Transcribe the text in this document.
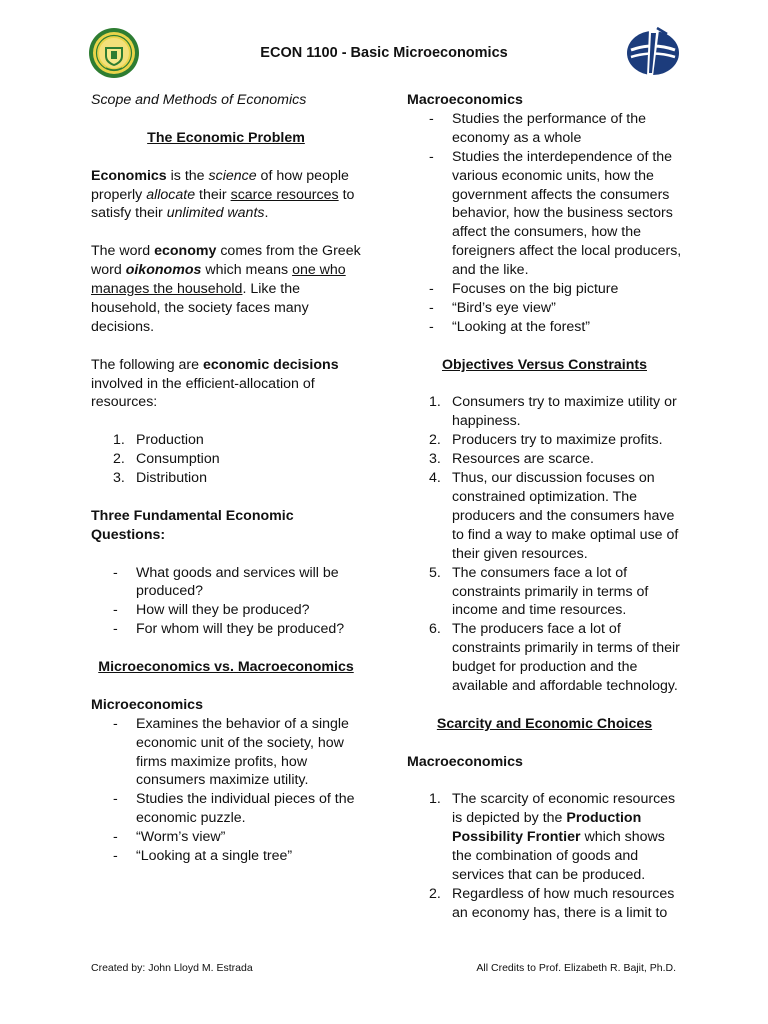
ECON 1100 - Basic Microeconomics

Scope and Methods of Economics

The Economic Problem

Economics is the science of how people properly allocate their scarce resources to satisfy their unlimited wants.

The word economy comes from the Greek word oikonomos which means one who manages the household. Like the household, the society faces many decisions.

The following are economic decisions involved in the efficient-allocation of resources:

1. Production
2. Consumption
3. Distribution

Three Fundamental Economic Questions:

- What goods and services will be produced?
- How will they be produced?
- For whom will they be produced?

Microeconomics vs. Macroeconomics

Microeconomics

- Examines the behavior of a single economic unit of the society, how firms maximize profits, how consumers maximize utility.
- Studies the individual pieces of the economic puzzle.
- “Worm’s view”
- “Looking at a single tree”

Macroeconomics

- Studies the performance of the economy as a whole
- Studies the interdependence of the various economic units, how the government affects the consumers behavior, how the business sectors affect the consumers, how the foreigners affect the local producers, and the like.
- Focuses on the big picture
- “Bird’s eye view”
- “Looking at the forest”

Objectives Versus Constraints

1. Consumers try to maximize utility or happiness.
2. Producers try to maximize profits.
3. Resources are scarce.
4. Thus, our discussion focuses on constrained optimization. The producers and the consumers have to find a way to make optimal use of their given resources.
5. The consumers face a lot of constraints primarily in terms of income and time resources.
6. The producers face a lot of constraints primarily in terms of their budget for production and the available and affordable technology.

Scarcity and Economic Choices

Macroeconomics

1. The scarcity of economic resources is depicted by the Production Possibility Frontier which shows the combination of goods and services that can be produced.
2. Regardless of how much resources an economy has, there is a limit to
Created by: John Lloyd M. Estrada	All Credits to Prof. Elizabeth R. Bajit, Ph.D.
